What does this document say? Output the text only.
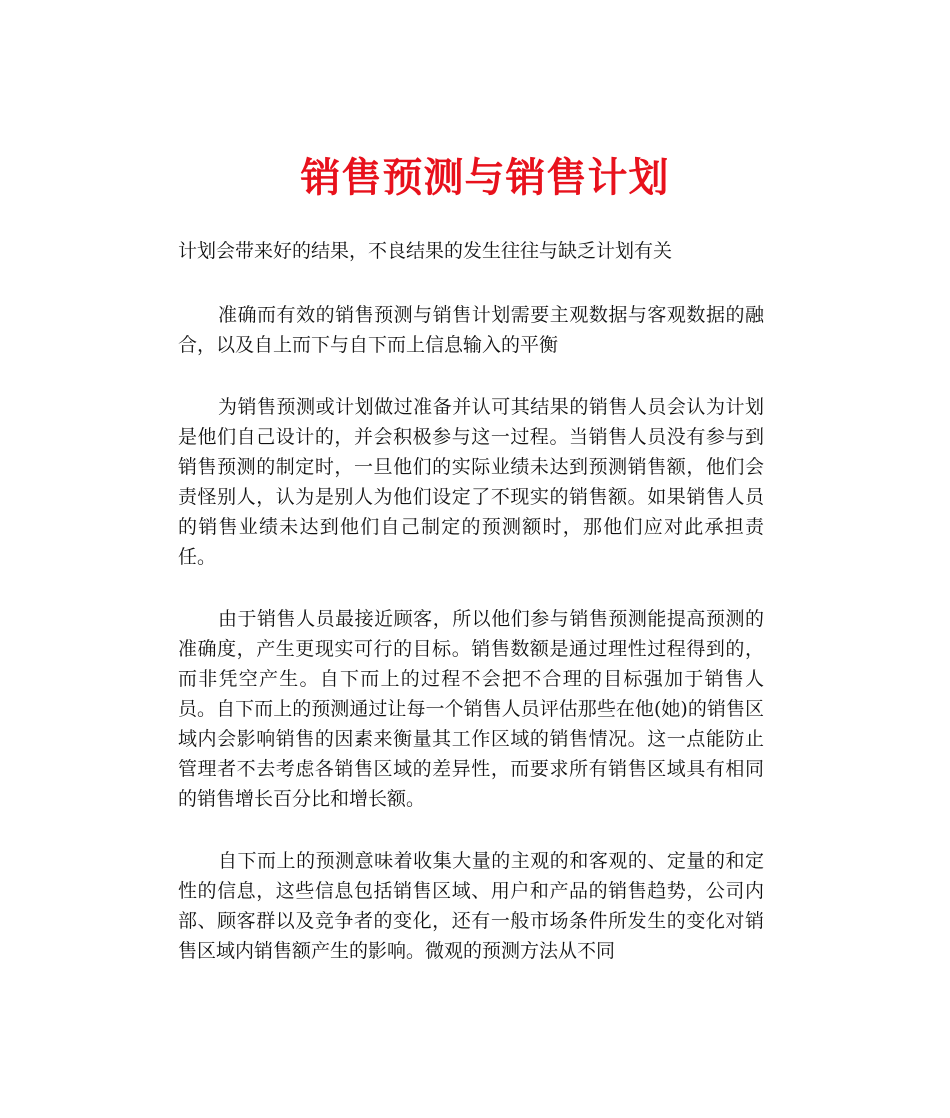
销售预测与销售计划

计划会带来好的结果，不良结果的发生往往与缺乏计划有关

准确而有效的销售预测与销售计划需要主观数据与客观数据的融合，以及自上而下与自下而上信息输入的平衡

为销售预测或计划做过准备并认可其结果的销售人员会认为计划是他们自己设计的，并会积极参与这一过程。当销售人员没有参与到销售预测的制定时，一旦他们的实际业绩未达到预测销售额，他们会责怪别人，认为是别人为他们设定了不现实的销售额。如果销售人员的销售业绩未达到他们自己制定的预测额时，那他们应对此承担责任。

由于销售人员最接近顾客，所以他们参与销售预测能提高预测的准确度，产生更现实可行的目标。销售数额是通过理性过程得到的，而非凭空产生。自下而上的过程不会把不合理的目标强加于销售人员。自下而上的预测通过让每一个销售人员评估那些在他(她)的销售区域内会影响销售的因素来衡量其工作区域的销售情况。这一点能防止管理者不去考虑各销售区域的差异性，而要求所有销售区域具有相同的销售增长百分比和增长额。

自下而上的预测意味着收集大量的主观的和客观的、定量的和定性的信息，这些信息包括销售区域、用户和产品的销售趋势，公司内部、顾客群以及竞争者的变化，还有一般市场条件所发生的变化对销售区域内销售额产生的影响。微观的预测方法从不同
